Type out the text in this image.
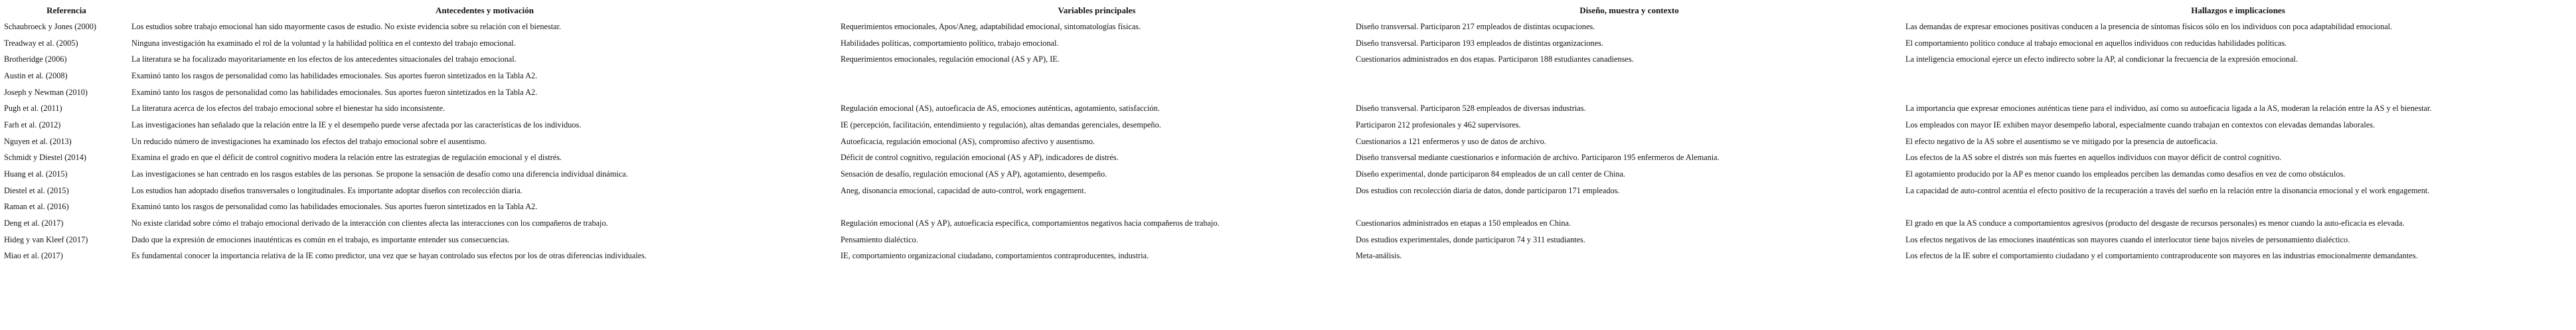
Referencia	Antecedentes y motivación	Variables principales	Diseño, muestra y contexto	Hallazgos e implicaciones
Schaubroeck y Jones (2000)	Los estudios sobre trabajo emocional han sido mayormente casos de estudio. No existe evidencia sobre su relación con el bienestar.	Requerimientos emocionales, Apos/Aneg, adaptabilidad emocional, sintomatologías físicas.	Diseño transversal. Participaron 217 empleados de distintas ocupaciones.	Las demandas de expresar emociones positivas conducen a la presencia de síntomas físicos sólo en los individuos con poca adaptabilidad emocional.
Treadway et al. (2005)	Ninguna investigación ha examinado el rol de la voluntad y la habilidad política en el contexto del trabajo emocional.	Habilidades políticas, comportamiento político, trabajo emocional.	Diseño transversal. Participaron 193 empleados de distintas organizaciones.	El comportamiento político conduce al trabajo emocional en aquellos individuos con reducidas habilidades políticas.
Brotheridge (2006)	La literatura se ha focalizado mayoritariamente en los efectos de los antecedentes situacionales del trabajo emocional.	Requerimientos emocionales, regulación emocional (AS y AP), IE.	Cuestionarios administrados en dos etapas. Participaron 188 estudiantes canadienses.	La inteligencia emocional ejerce un efecto indirecto sobre la AP, al condicionar la frecuencia de la expresión emocional.
Austin et al. (2008)	Examinó tanto los rasgos de personalidad como las habilidades emocionales. Sus aportes fueron sintetizados en la Tabla A2.			
Joseph y Newman (2010)	Examinó tanto los rasgos de personalidad como las habilidades emocionales. Sus aportes fueron sintetizados en la Tabla A2.			
Pugh et al. (2011)	La literatura acerca de los efectos del trabajo emocional sobre el bienestar ha sido inconsistente.	Regulación emocional (AS), autoeficacia de AS, emociones auténticas, agotamiento, satisfacción.	Diseño transversal. Participaron 528 empleados de diversas industrias.	La importancia que expresar emociones auténticas tiene para el individuo, así como su autoeficacia ligada a la AS, moderan la relación entre la AS y el bienestar.
Farh et al. (2012)	Las investigaciones han señalado que la relación entre la IE y el desempeño puede verse afectada por las características de los individuos.	IE (percepción, facilitación, entendimiento y regulación), altas demandas gerenciales, desempeño.	Participaron 212 profesionales y 462 supervisores.	Los empleados con mayor IE exhiben mayor desempeño laboral, especialmente cuando trabajan en contextos con elevadas demandas laborales.
Nguyen et al. (2013)	Un reducido número de investigaciones ha examinado los efectos del trabajo emocional sobre el ausentismo.	Autoeficacia, regulación emocional (AS), compromiso afectivo y ausentismo.	Cuestionarios a 121 enfermeros y uso de datos de archivo.	El efecto negativo de la AS sobre el ausentismo se ve mitigado por la presencia de autoeficacia.
Schmidt y Diestel (2014)	Examina el grado en que el déficit de control cognitivo modera la relación entre las estrategias de regulación emocional y el distrés.	Déficit de control cognitivo, regulación emocional (AS y AP), indicadores de distrés.	Diseño transversal mediante cuestionarios e información de archivo. Participaron 195 enfermeros de Alemania.	Los efectos de la AS sobre el distrés son más fuertes en aquellos individuos con mayor déficit de control cognitivo.
Huang et al. (2015)	Las investigaciones se han centrado en los rasgos estables de las personas. Se propone la sensación de desafío como una diferencia individual dinámica.	Sensación de desafío, regulación emocional (AS y AP), agotamiento, desempeño.	Diseño experimental, donde participaron 84 empleados de un call center de China.	El agotamiento producido por la AP es menor cuando los empleados perciben las demandas como desafíos en vez de como obstáculos.
Diestel et al. (2015)	Los estudios han adoptado diseños transversales o longitudinales. Es importante adoptar diseños con recolección diaria.	Aneg, disonancia emocional, capacidad de auto-control, work engagement.	Dos estudios con recolección diaria de datos, donde participaron 171 empleados.	La capacidad de auto-control acentúa el efecto positivo de la recuperación a través del sueño en la relación entre la disonancia emocional y el work engagement.
Raman et al. (2016)	Examinó tanto los rasgos de personalidad como las habilidades emocionales. Sus aportes fueron sintetizados en la Tabla A2.			
Deng et al. (2017)	No existe claridad sobre cómo el trabajo emocional derivado de la interacción con clientes afecta las interacciones con los compañeros de trabajo.	Regulación emocional (AS y AP), autoeficacia específica, comportamientos negativos hacia compañeros de trabajo.	Cuestionarios administrados en etapas a 150 empleados en China.	El grado en que la AS conduce a comportamientos agresivos (producto del desgaste de recursos personales) es menor cuando la auto-eficacia es elevada.
Hideg y van Kleef (2017)	Dado que la expresión de emociones inauténticas es común en el trabajo, es importante entender sus consecuencias.	Pensamiento dialéctico.	Dos estudios experimentales, donde participaron 74 y 311 estudiantes.	Los efectos negativos de las emociones inauténticas son mayores cuando el interlocutor tiene bajos niveles de personamiento dialéctico.
Miao et al. (2017)	Es fundamental conocer la importancia relativa de la IE como predictor, una vez que se hayan controlado sus efectos por los de otras diferencias individuales.	IE, comportamiento organizacional ciudadano, comportamientos contraproducentes, industria.	Meta-análisis.	Los efectos de la IE sobre el comportamiento ciudadano y el comportamiento contraproducente son mayores en las industrias emocionalmente demandantes.
